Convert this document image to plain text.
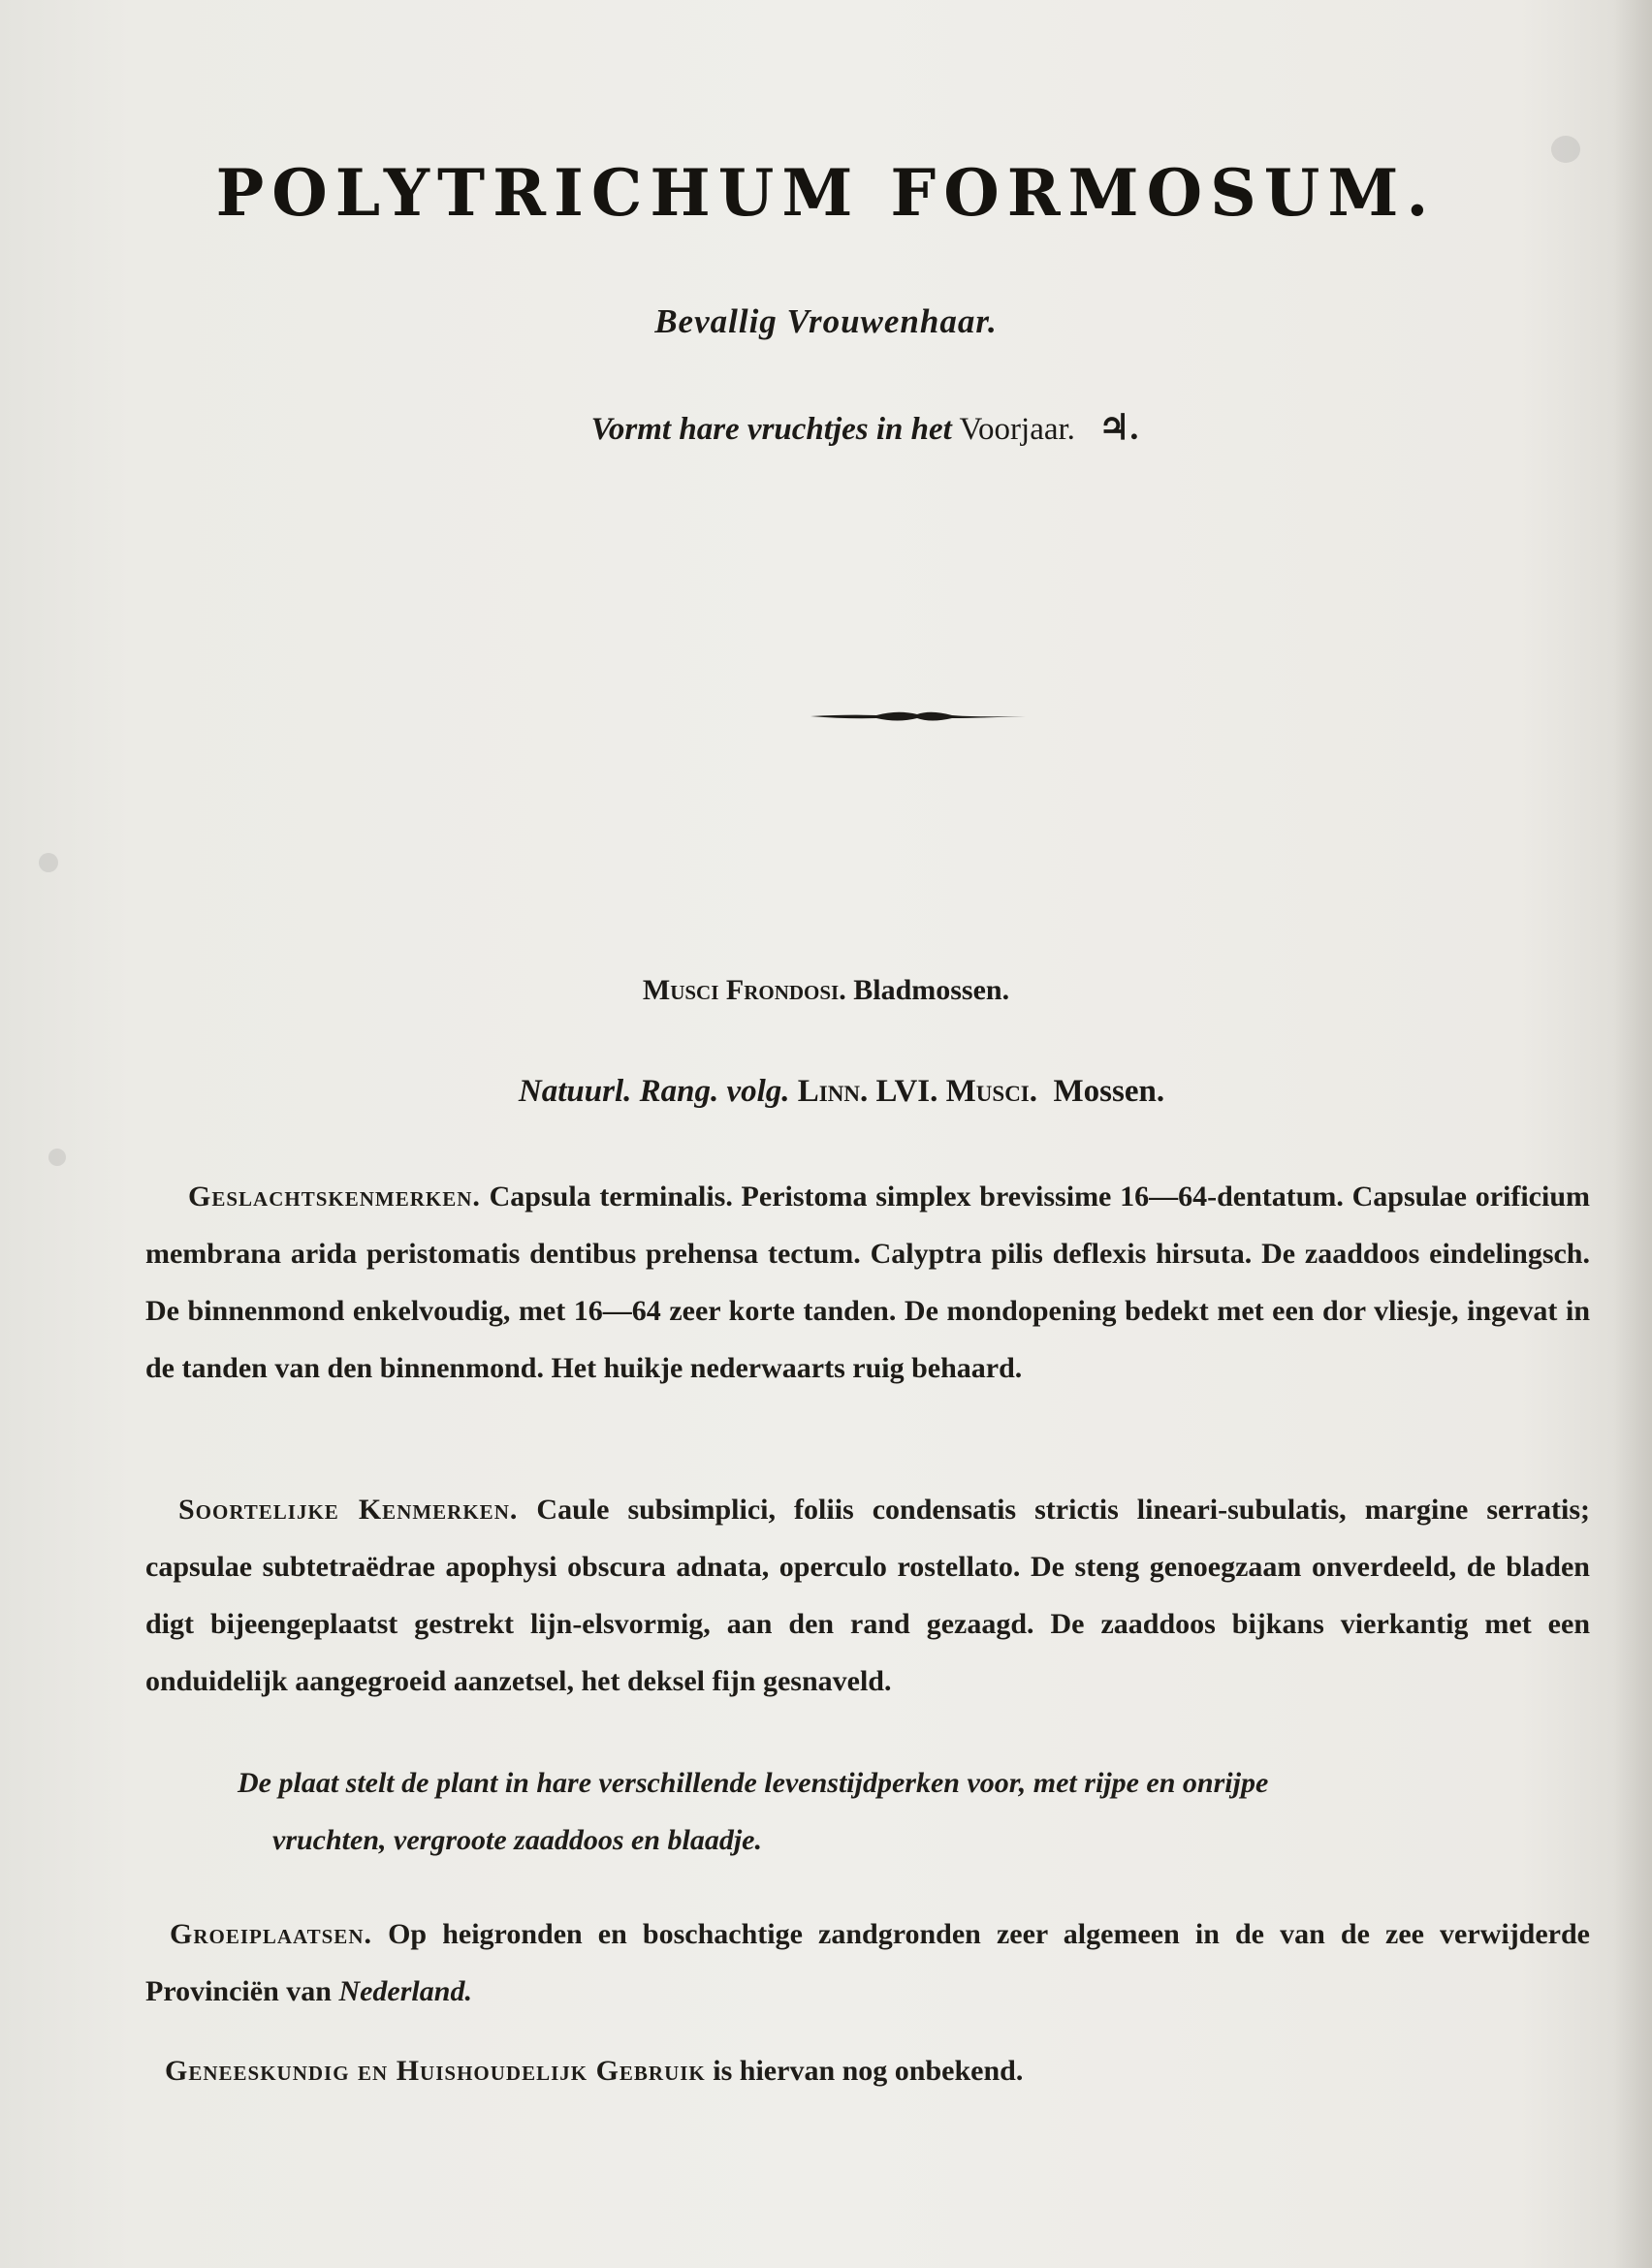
POLYTRICHUM FORMOSUM.
Bevallig Vrouwenhaar.
Vormt hare vruchtjes in het Voorjaar. ♃.
Musci Frondosi. Bladmossen.
Natuurl. Rang. volg. Linn. LVI. Musci. Mossen.
Geslachtskenmerken. Capsula terminalis. Peristoma simplex brevissime 16—64-dentatum. Capsulae orificium membrana arida peristomatis dentibus prehensa tectum. Calyptra pilis deflexis hirsuta. De zaaddoos eindelingsch. De binnenmond enkelvoudig, met 16—64 zeer korte tanden. De mondopening bedekt met een dor vliesje, ingevat in de tanden van den binnenmond. Het huikje nederwaarts ruig behaard.
Soortelijke Kenmerken. Caule subsimplici, foliis condensatis strictis lineari-subulatis, margine serratis; capsulae subtetraëdrae apophysi obscura adnata, operculo rostellato. De steng genoegzaam onverdeeld, de bladen digt bijeengeplaatst gestrekt lijn-elsvormig, aan den rand gezaagd. De zaaddoos bijkans vierkantig met een onduidelijk aangegroeid aanzetsel, het deksel fijn gesnaveld.
De plaat stelt de plant in hare verschillende levenstijdperken voor, met rijpe en onrijpe
vruchten, vergroote zaaddoos en blaadje.
Groeiplaatsen. Op heigronden en boschachtige zandgronden zeer algemeen in de van de zee verwijderde Provinciën van Nederland.
Geneeskundig en Huishoudelijk Gebruik is hiervan nog onbekend.
